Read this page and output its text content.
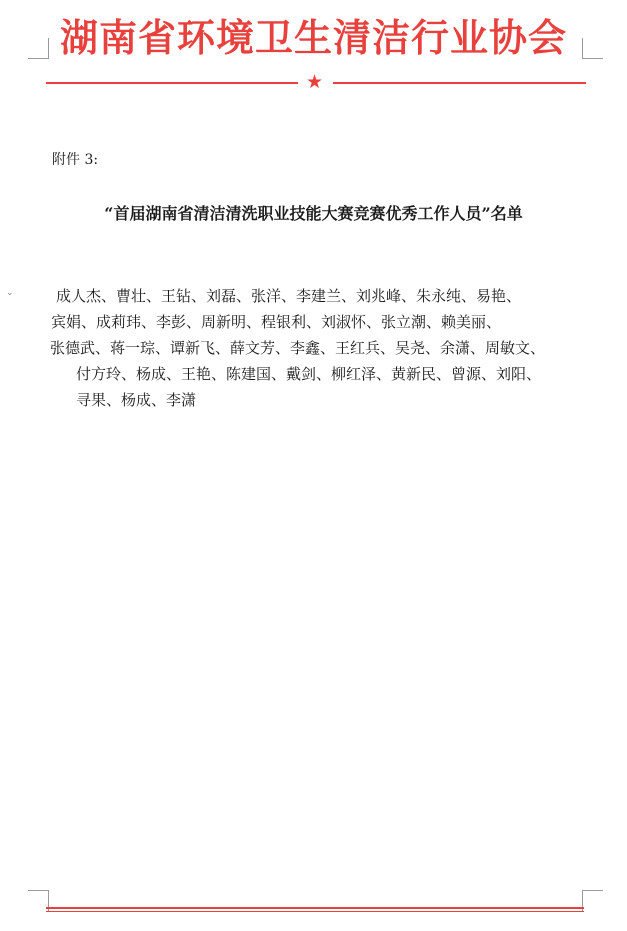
湖南省环境卫生清洁行业协会
★
⌄
附件 3:
“首届湖南省清洁清洗职业技能大赛竞赛优秀工作人员”名单
成人杰、曹壮、王钻、刘磊、张洋、李建兰、刘兆峰、朱永纯、易艳、
宾娟、成莉玮、李彭、周新明、程银利、刘淑怀、张立潮、赖美丽、
张德武、蒋一琮、谭新飞、薛文芳、李鑫、王红兵、吴尧、余潇、周敏文、
付方玲、杨成、王艳、陈建国、戴剑、柳红泽、黄新民、曾源、刘阳、
寻果、杨成、李潇
